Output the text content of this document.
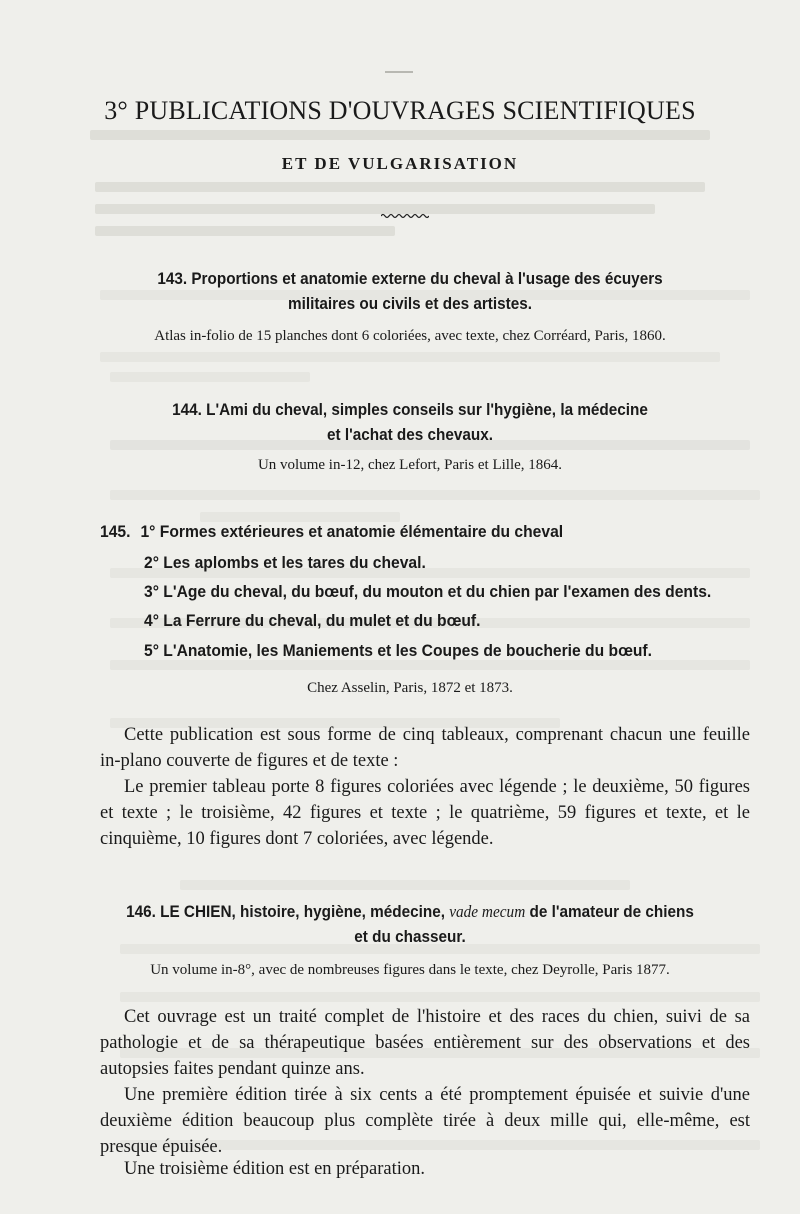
3° PUBLICATIONS D'OUVRAGES SCIENTIFIQUES
ET DE VULGARISATION
143. Proportions et anatomie externe du cheval à l'usage des écuyers
militaires ou civils et des artistes.
Atlas in-folio de 15 planches dont 6 coloriées, avec texte, chez Corréard, Paris, 1860.
144. L'Ami du cheval, simples conseils sur l'hygiène, la médecine
et l'achat des chevaux.
Un volume in-12, chez Lefort, Paris et Lille, 1864.
145. 1° Formes extérieures et anatomie élémentaire du cheval
2° Les aplombs et les tares du cheval.
3° L'Age du cheval, du bœuf, du mouton et du chien par l'examen des dents.
4° La Ferrure du cheval, du mulet et du bœuf.
5° L'Anatomie, les Maniements et les Coupes de boucherie du bœuf.
Chez Asselin, Paris, 1872 et 1873.
Cette publication est sous forme de cinq tableaux, comprenant chacun une feuille in-plano couverte de figures et de texte :
Le premier tableau porte 8 figures coloriées avec légende ; le deuxième, 50 figures et texte ; le troisième, 42 figures et texte ; le quatrième, 59 figures et texte, et le cinquième, 10 figures dont 7 coloriées, avec légende.
146. LE CHIEN, histoire, hygiène, médecine, vade mecum de l'amateur de chiens
et du chasseur.
Un volume in-8°, avec de nombreuses figures dans le texte, chez Deyrolle, Paris 1877.
Cet ouvrage est un traité complet de l'histoire et des races du chien, suivi de sa pathologie et de sa thérapeutique basées entièrement sur des observations et des autopsies faites pendant quinze ans.
Une première édition tirée à six cents a été promptement épuisée et suivie d'une deuxième édition beaucoup plus complète tirée à deux mille qui, elle-même, est presque épuisée.
Une troisième édition est en préparation.
